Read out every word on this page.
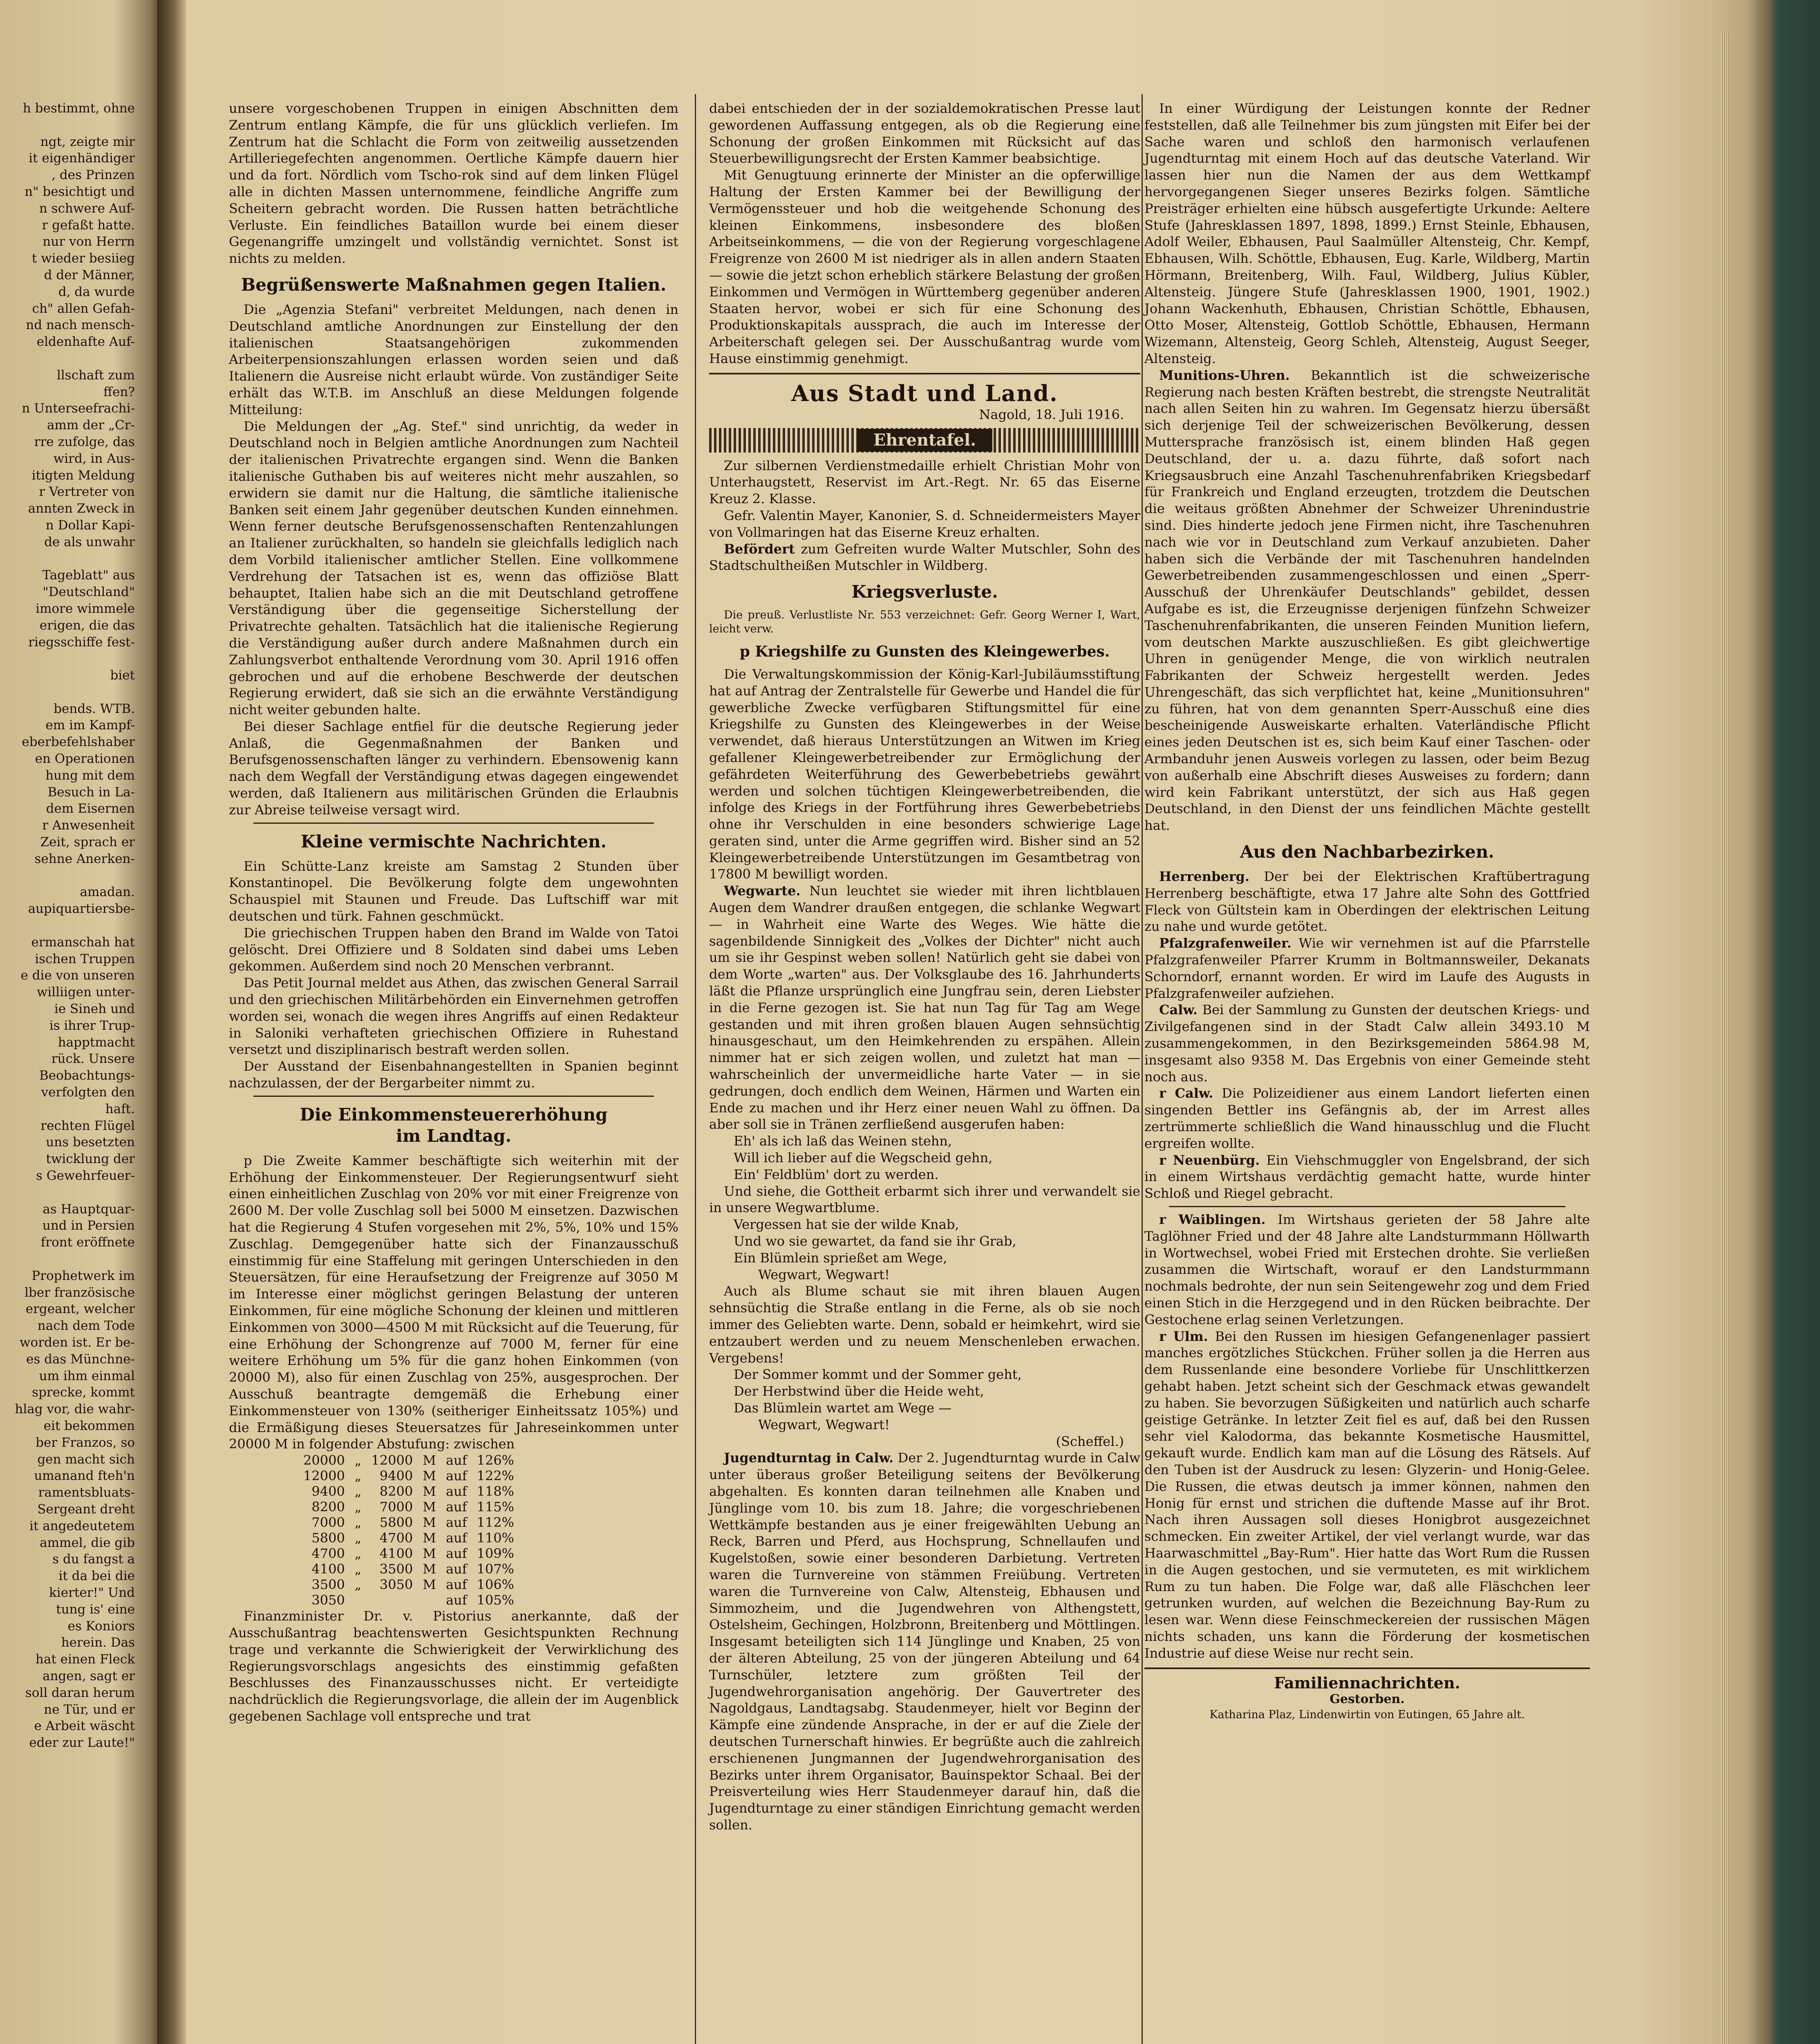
h bestimmt, ohne
ngt, zeigte mir
it eigenhändiger
, des Prinzen
n" besichtigt und
n schwere Auf-
r gefaßt hatte.
nur von Herrn
t wieder besiieg
d der Männer,
d, da wurde
ch" allen Gefah-
nd nach mensch-
eldenhafte Auf-
llschaft zum
ffen?
n Unterseefrachi-
amm der „Cr-
rre zufolge, das
wird, in Aus-
itigten Meldung
r Vertreter von
annten Zweck in
n Dollar Kapi-
de als unwahr
Tageblatt" aus
"Deutschland"
imore wimmele
erigen, die das
riegsschiffe fest-
biet
bends. WTB.
em im Kampf-
eberbefehlshaber
en Operationen
hung mit dem
Besuch in La-
dem Eisernen
r Anwesenheit
Zeit, sprach er
sehne Anerken-
amadan.
aupiquartiersbe-
ermanschah hat
ischen Truppen
e die von unseren
williigen unter-
ie Sineh und
is ihrer Trup-
happtmacht
rück. Unsere
Beobachtungs-
verfolgten den
haft.
rechten Flügel
uns besetzten
twicklung der
s Gewehrfeuer-
as Hauptquar-
und in Persien
front eröffnete
Prophetwerk im
lber französische
ergeant, welcher
nach dem Tode
worden ist. Er be-
es das Münchne-
um ihm einmal
sprecke, kommt
hlag vor, die wahr-
eit bekommen
ber Franzos, so
gen macht sich
umanand fteh'n
ramentsbluats-
Sergeant dreht
it angedeutetem
ammel, die gib
s du fangst a
it da bei die
kierter!" Und
tung is' eine
es Koniors
herein. Das
hat einen Fleck
angen, sagt er
soll daran herum
ne Tür, und er
e Arbeit wäscht
eder zur Laute!"

unsere vorgeschobenen Truppen in einigen Abschnitten dem Zentrum entlang Kämpfe, die für uns glücklich verliefen. Im Zentrum hat die Schlacht die Form von zeitweilig aussetzenden Artilleriegefechten angenommen. Oertliche Kämpfe dauern hier und da fort. Nördlich vom Tscho-rok sind auf dem linken Flügel alle in dichten Massen unternommene, feindliche Angriffe zum Scheitern gebracht worden. Die Russen hatten beträchtliche Verluste. Ein feindliches Bataillon wurde bei einem dieser Gegenangriffe umzingelt und vollständig vernichtet. Sonst ist nichts zu melden.

Begrüßenswerte Maßnahmen gegen Italien.

Die „Agenzia Stefani" verbreitet Meldungen, nach denen in Deutschland amtliche Anordnungen zur Einstellung der den italienischen Staatsangehörigen zukommenden Arbeiterpensionszahlungen erlassen worden seien und daß Italienern die Ausreise nicht erlaubt würde. Von zuständiger Seite erhält das W.T.B. im Anschluß an diese Meldungen folgende Mitteilung:

Die Meldungen der „Ag. Stef." sind unrichtig, da weder in Deutschland noch in Belgien amtliche Anordnungen zum Nachteil der italienischen Privatrechte ergangen sind. Wenn die Banken italienische Guthaben bis auf weiteres nicht mehr auszahlen, so erwidern sie damit nur die Haltung, die sämtliche italienische Banken seit einem Jahr gegenüber deutschen Kunden einnehmen. Wenn ferner deutsche Berufsgenossenschaften Rentenzahlungen an Italiener zurückhalten, so handeln sie gleichfalls lediglich nach dem Vorbild italienischer amtlicher Stellen. Eine vollkommene Verdrehung der Tatsachen ist es, wenn das offiziöse Blatt behauptet, Italien habe sich an die mit Deutschland getroffene Verständigung über die gegenseitige Sicherstellung der Privatrechte gehalten. Tatsächlich hat die italienische Regierung die Verständigung außer durch andere Maßnahmen durch ein Zahlungsverbot enthaltende Verordnung vom 30. April 1916 offen gebrochen und auf die erhobene Beschwerde der deutschen Regierung erwidert, daß sie sich an die erwähnte Verständigung nicht weiter gebunden halte.

Bei dieser Sachlage entfiel für die deutsche Regierung jeder Anlaß, die Gegenmaßnahmen der Banken und Berufsgenossenschaften länger zu verhindern. Ebensowenig kann nach dem Wegfall der Verständigung etwas dagegen eingewendet werden, daß Italienern aus militärischen Gründen die Erlaubnis zur Abreise teilweise versagt wird.

Kleine vermischte Nachrichten.

Ein Schütte-Lanz kreiste am Samstag 2 Stunden über Konstantinopel. Die Bevölkerung folgte dem ungewohnten Schauspiel mit Staunen und Freude. Das Luftschiff war mit deutschen und türk. Fahnen geschmückt.

Die griechischen Truppen haben den Brand im Walde von Tatoi gelöscht. Drei Offiziere und 8 Soldaten sind dabei ums Leben gekommen. Außerdem sind noch 20 Menschen verbrannt.

Das Petit Journal meldet aus Athen, das zwischen General Sarrail und den griechischen Militärbehörden ein Einvernehmen getroffen worden sei, wonach die wegen ihres Angriffs auf einen Redakteur in Saloniki verhafteten griechischen Offiziere in Ruhestand versetzt und disziplinarisch bestraft werden sollen.

Der Ausstand der Eisenbahnangestellten in Spanien beginnt nachzulassen, der der Bergarbeiter nimmt zu.

Die Einkommensteuererhöhung
im Landtag.

p Die Zweite Kammer beschäftigte sich weiterhin mit der Erhöhung der Einkommensteuer. Der Regierungsentwurf sieht einen einheitlichen Zuschlag von 20% vor mit einer Freigrenze von 2600 M. Der volle Zuschlag soll bei 5000 M einsetzen. Dazwischen hat die Regierung 4 Stufen vorgesehen mit 2%, 5%, 10% und 15% Zuschlag. Demgegenüber hatte sich der Finanzausschuß einstimmig für eine Staffelung mit geringen Unterschieden in den Steuersätzen, für eine Heraufsetzung der Freigrenze auf 3050 M im Interesse einer möglichst geringen Belastung der unteren Einkommen, für eine mögliche Schonung der kleinen und mittleren Einkommen von 3000—4500 M mit Rücksicht auf die Teuerung, für eine Erhöhung der Schongrenze auf 7000 M, ferner für eine weitere Erhöhung um 5% für die ganz hohen Einkommen (von 20000 M), also für einen Zuschlag von 25%, ausgesprochen. Der Ausschuß beantragte demgemäß die Erhebung einer Einkommensteuer von 130% (seitheriger Einheitssatz 105%) und die Ermäßigung dieses Steuersatzes für Jahreseinkommen unter 20000 M in folgender Abstufung: zwischen

20000	„	12000	M	auf	126%
12000	„	9400	M	auf	122%
9400	„	8200	M	auf	118%
8200	„	7000	M	auf	115%
7000	„	5800	M	auf	112%
5800	„	4700	M	auf	110%
4700	„	4100	M	auf	109%
4100	„	3500	M	auf	107%
3500	„	3050	M	auf	106%
3050				auf	105%

Finanzminister Dr. v. Pistorius anerkannte, daß der Ausschußantrag beachtenswerten Gesichtspunkten Rechnung trage und verkannte die Schwierigkeit der Verwirklichung des Regierungsvorschlags angesichts des einstimmig gefaßten Beschlusses des Finanzausschusses nicht. Er verteidigte nachdrücklich die Regierungsvorlage, die allein der im Augenblick gegebenen Sachlage voll entspreche und trat

dabei entschieden der in der sozialdemokratischen Presse laut gewordenen Auffassung entgegen, als ob die Regierung eine Schonung der großen Einkommen mit Rücksicht auf das Steuerbewilligungsrecht der Ersten Kammer beabsichtige.

Mit Genugtuung erinnerte der Minister an die opferwillige Haltung der Ersten Kammer bei der Bewilligung der Vermögenssteuer und hob die weitgehende Schonung des kleinen Einkommens, insbesondere des bloßen Arbeitseinkommens, — die von der Regierung vorgeschlagene Freigrenze von 2600 M ist niedriger als in allen andern Staaten — sowie die jetzt schon erheblich stärkere Belastung der großen Einkommen und Vermögen in Württemberg gegenüber anderen Staaten hervor, wobei er sich für eine Schonung des Produktionskapitals aussprach, die auch im Interesse der Arbeiterschaft gelegen sei. Der Ausschußantrag wurde vom Hause einstimmig genehmigt.

Aus Stadt und Land.
Nagold, 18. Juli 1916.
Ehrentafel.

Zur silbernen Verdienstmedaille erhielt Christian Mohr von Unterhaugstett, Reservist im Art.-Regt. Nr. 65 das Eiserne Kreuz 2. Klasse.

Gefr. Valentin Mayer, Kanonier, S. d. Schneidermeisters Mayer von Vollmaringen hat das Eiserne Kreuz erhalten.

Befördert zum Gefreiten wurde Walter Mutschler, Sohn des Stadtschultheißen Mutschler in Wildberg.

Kriegsverluste.

Die preuß. Verlustliste Nr. 553 verzeichnet: Gefr. Georg Werner I, Wart, leicht verw.

p Kriegshilfe zu Gunsten des Kleingewerbes.

Die Verwaltungskommission der König-Karl-Jubiläumsstiftung hat auf Antrag der Zentralstelle für Gewerbe und Handel die für gewerbliche Zwecke verfügbaren Stiftungsmittel für eine Kriegshilfe zu Gunsten des Kleingewerbes in der Weise verwendet, daß hieraus Unterstützungen an Witwen im Krieg gefallener Kleingewerbetreibender zur Ermöglichung der gefährdeten Weiterführung des Gewerbebetriebs gewährt werden und solchen tüchtigen Kleingewerbetreibenden, die infolge des Kriegs in der Fortführung ihres Gewerbebetriebs ohne ihr Verschulden in eine besonders schwierige Lage geraten sind, unter die Arme gegriffen wird. Bisher sind an 52 Kleingewerbetreibende Unterstützungen im Gesamtbetrag von 17800 M bewilligt worden.

Wegwarte. Nun leuchtet sie wieder mit ihren lichtblauen Augen dem Wandrer draußen entgegen, die schlanke Wegwart — in Wahrheit eine Warte des Weges. Wie hätte die sagenbildende Sinnigkeit des „Volkes der Dichter" nicht auch um sie ihr Gespinst weben sollen! Natürlich geht sie dabei von dem Worte „warten" aus. Der Volksglaube des 16. Jahrhunderts läßt die Pflanze ursprünglich eine Jungfrau sein, deren Liebster in die Ferne gezogen ist. Sie hat nun Tag für Tag am Wege gestanden und mit ihren großen blauen Augen sehnsüchtig hinausgeschaut, um den Heimkehrenden zu erspähen. Allein nimmer hat er sich zeigen wollen, und zuletzt hat man — wahrscheinlich der unvermeidliche harte Vater — in sie gedrungen, doch endlich dem Weinen, Härmen und Warten ein Ende zu machen und ihr Herz einer neuen Wahl zu öffnen. Da aber soll sie in Tränen zerfließend ausgerufen haben:

Eh' als ich laß das Weinen stehn,

Will ich lieber auf die Wegscheid gehn,

Ein' Feldblüm' dort zu werden.

Und siehe, die Gottheit erbarmt sich ihrer und verwandelt sie in unsere Wegwartblume.

Vergessen hat sie der wilde Knab,

Und wo sie gewartet, da fand sie ihr Grab,

Ein Blümlein sprießet am Wege,

Wegwart, Wegwart!

Auch als Blume schaut sie mit ihren blauen Augen sehnsüchtig die Straße entlang in die Ferne, als ob sie noch immer des Geliebten warte. Denn, sobald er heimkehrt, wird sie entzaubert werden und zu neuem Menschenleben erwachen. Vergebens!

Der Sommer kommt und der Sommer geht,

Der Herbstwind über die Heide weht,

Das Blümlein wartet am Wege —

Wegwart, Wegwart!

(Scheffel.)

Jugendturntag in Calw. Der 2. Jugendturntag wurde in Calw unter überaus großer Beteiligung seitens der Bevölkerung abgehalten. Es konnten daran teilnehmen alle Knaben und Jünglinge vom 10. bis zum 18. Jahre; die vorgeschriebenen Wettkämpfe bestanden aus je einer freigewählten Uebung an Reck, Barren und Pferd, aus Hochsprung, Schnellaufen und Kugelstoßen, sowie einer besonderen Darbietung. Vertreten waren die Turnvereine von stämmen Freiübung. Vertreten waren die Turnvereine von Calw, Altensteig, Ebhausen und Simmozheim, und die Jugendwehren von Althengstett, Ostelsheim, Gechingen, Holzbronn, Breitenberg und Möttlingen. Insgesamt beteiligten sich 114 Jünglinge und Knaben, 25 von der älteren Abteilung, 25 von der jüngeren Abteilung und 64 Turnschüler, letztere zum größten Teil der Jugendwehrorganisation angehörig. Der Gauvertreter des Nagoldgaus, Landtagsabg. Staudenmeyer, hielt vor Beginn der Kämpfe eine zündende Ansprache, in der er auf die Ziele der deutschen Turnerschaft hinwies. Er begrüßte auch die zahlreich erschienenen Jungmannen der Jugendwehrorganisation des Bezirks unter ihrem Organisator, Bauinspektor Schaal. Bei der Preisverteilung wies Herr Staudenmeyer darauf hin, daß die Jugendturntage zu einer ständigen Einrichtung gemacht werden sollen.

In einer Würdigung der Leistungen konnte der Redner feststellen, daß alle Teilnehmer bis zum jüngsten mit Eifer bei der Sache waren und schloß den harmonisch verlaufenen Jugendturntag mit einem Hoch auf das deutsche Vaterland. Wir lassen hier nun die Namen der aus dem Wettkampf hervorgegangenen Sieger unseres Bezirks folgen. Sämtliche Preisträger erhielten eine hübsch ausgefertigte Urkunde: Aeltere Stufe (Jahresklassen 1897, 1898, 1899.) Ernst Steinle, Ebhausen, Adolf Weiler, Ebhausen, Paul Saalmüller Altensteig, Chr. Kempf, Ebhausen, Wilh. Schöttle, Ebhausen, Eug. Karle, Wildberg, Martin Hörmann, Breitenberg, Wilh. Faul, Wildberg, Julius Kübler, Altensteig. Jüngere Stufe (Jahresklassen 1900, 1901, 1902.) Johann Wackenhuth, Ebhausen, Christian Schöttle, Ebhausen, Otto Moser, Altensteig, Gottlob Schöttle, Ebhausen, Hermann Wizemann, Altensteig, Georg Schleh, Altensteig, August Seeger, Altensteig.

Munitions-Uhren. Bekanntlich ist die schweizerische Regierung nach besten Kräften bestrebt, die strengste Neutralität nach allen Seiten hin zu wahren. Im Gegensatz hierzu übersäßt sich derjenige Teil der schweizerischen Bevölkerung, dessen Muttersprache französisch ist, einem blinden Haß gegen Deutschland, der u. a. dazu führte, daß sofort nach Kriegsausbruch eine Anzahl Taschenuhrenfabriken Kriegsbedarf für Frankreich und England erzeugten, trotzdem die Deutschen die weitaus größten Abnehmer der Schweizer Uhrenindustrie sind. Dies hinderte jedoch jene Firmen nicht, ihre Taschenuhren nach wie vor in Deutschland zum Verkauf anzubieten. Daher haben sich die Verbände der mit Taschenuhren handelnden Gewerbetreibenden zusammengeschlossen und einen „Sperr-Ausschuß der Uhrenkäufer Deutschlands" gebildet, dessen Aufgabe es ist, die Erzeugnisse derjenigen fünfzehn Schweizer Taschenuhrenfabrikanten, die unseren Feinden Munition liefern, vom deutschen Markte auszuschließen. Es gibt gleichwertige Uhren in genügender Menge, die von wirklich neutralen Fabrikanten der Schweiz hergestellt werden. Jedes Uhrengeschäft, das sich verpflichtet hat, keine „Munitionsuhren" zu führen, hat von dem genannten Sperr-Ausschuß eine dies bescheinigende Ausweiskarte erhalten. Vaterländische Pflicht eines jeden Deutschen ist es, sich beim Kauf einer Taschen- oder Armbanduhr jenen Ausweis vorlegen zu lassen, oder beim Bezug von außerhalb eine Abschrift dieses Ausweises zu fordern; dann wird kein Fabrikant unterstützt, der sich aus Haß gegen Deutschland, in den Dienst der uns feindlichen Mächte gestellt hat.

Aus den Nachbarbezirken.

Herrenberg. Der bei der Elektrischen Kraftübertragung Herrenberg beschäftigte, etwa 17 Jahre alte Sohn des Gottfried Fleck von Gültstein kam in Oberdingen der elektrischen Leitung zu nahe und wurde getötet.

Pfalzgrafenweiler. Wie wir vernehmen ist auf die Pfarrstelle Pfalzgrafenweiler Pfarrer Krumm in Boltmannsweiler, Dekanats Schorndorf, ernannt worden. Er wird im Laufe des Augusts in Pfalzgrafenweiler aufziehen.

Calw. Bei der Sammlung zu Gunsten der deutschen Kriegs- und Zivilgefangenen sind in der Stadt Calw allein 3493.10 M zusammengekommen, in den Bezirksgemeinden 5864.98 M, insgesamt also 9358 M. Das Ergebnis von einer Gemeinde steht noch aus.

r Calw. Die Polizeidiener aus einem Landort lieferten einen singenden Bettler ins Gefängnis ab, der im Arrest alles zertrümmerte schließlich die Wand hinausschlug und die Flucht ergreifen wollte.

r Neuenbürg. Ein Viehschmuggler von Engelsbrand, der sich in einem Wirtshaus verdächtig gemacht hatte, wurde hinter Schloß und Riegel gebracht.

r Waiblingen. Im Wirtshaus gerieten der 58 Jahre alte Taglöhner Fried und der 48 Jahre alte Landsturmmann Höllwarth in Wortwechsel, wobei Fried mit Erstechen drohte. Sie verließen zusammen die Wirtschaft, worauf er den Landsturmmann nochmals bedrohte, der nun sein Seitengewehr zog und dem Fried einen Stich in die Herzgegend und in den Rücken beibrachte. Der Gestochene erlag seinen Verletzungen.

r Ulm. Bei den Russen im hiesigen Gefangenenlager passiert manches ergötzliches Stückchen. Früher sollen ja die Herren aus dem Russenlande eine besondere Vorliebe für Unschlittkerzen gehabt haben. Jetzt scheint sich der Geschmack etwas gewandelt zu haben. Sie bevorzugen Süßigkeiten und natürlich auch scharfe geistige Getränke. In letzter Zeit fiel es auf, daß bei den Russen sehr viel Kalodorma, das bekannte Kosmetische Hausmittel, gekauft wurde. Endlich kam man auf die Lösung des Rätsels. Auf den Tuben ist der Ausdruck zu lesen: Glyzerin- und Honig-Gelee. Die Russen, die etwas deutsch ja immer können, nahmen den Honig für ernst und strichen die duftende Masse auf ihr Brot. Nach ihren Aussagen soll dieses Honigbrot ausgezeichnet schmecken. Ein zweiter Artikel, der viel verlangt wurde, war das Haarwaschmittel „Bay-Rum". Hier hatte das Wort Rum die Russen in die Augen gestochen, und sie vermuteten, es mit wirklichem Rum zu tun haben. Die Folge war, daß alle Fläschchen leer getrunken wurden, auf welchen die Bezeichnung Bay-Rum zu lesen war. Wenn diese Feinschmeckereien der russischen Mägen nichts schaden, uns kann die Förderung der kosmetischen Industrie auf diese Weise nur recht sein.

Familiennachrichten.
Gestorben.
Katharina Plaz, Lindenwirtin von Eutingen, 65 Jahre alt.
